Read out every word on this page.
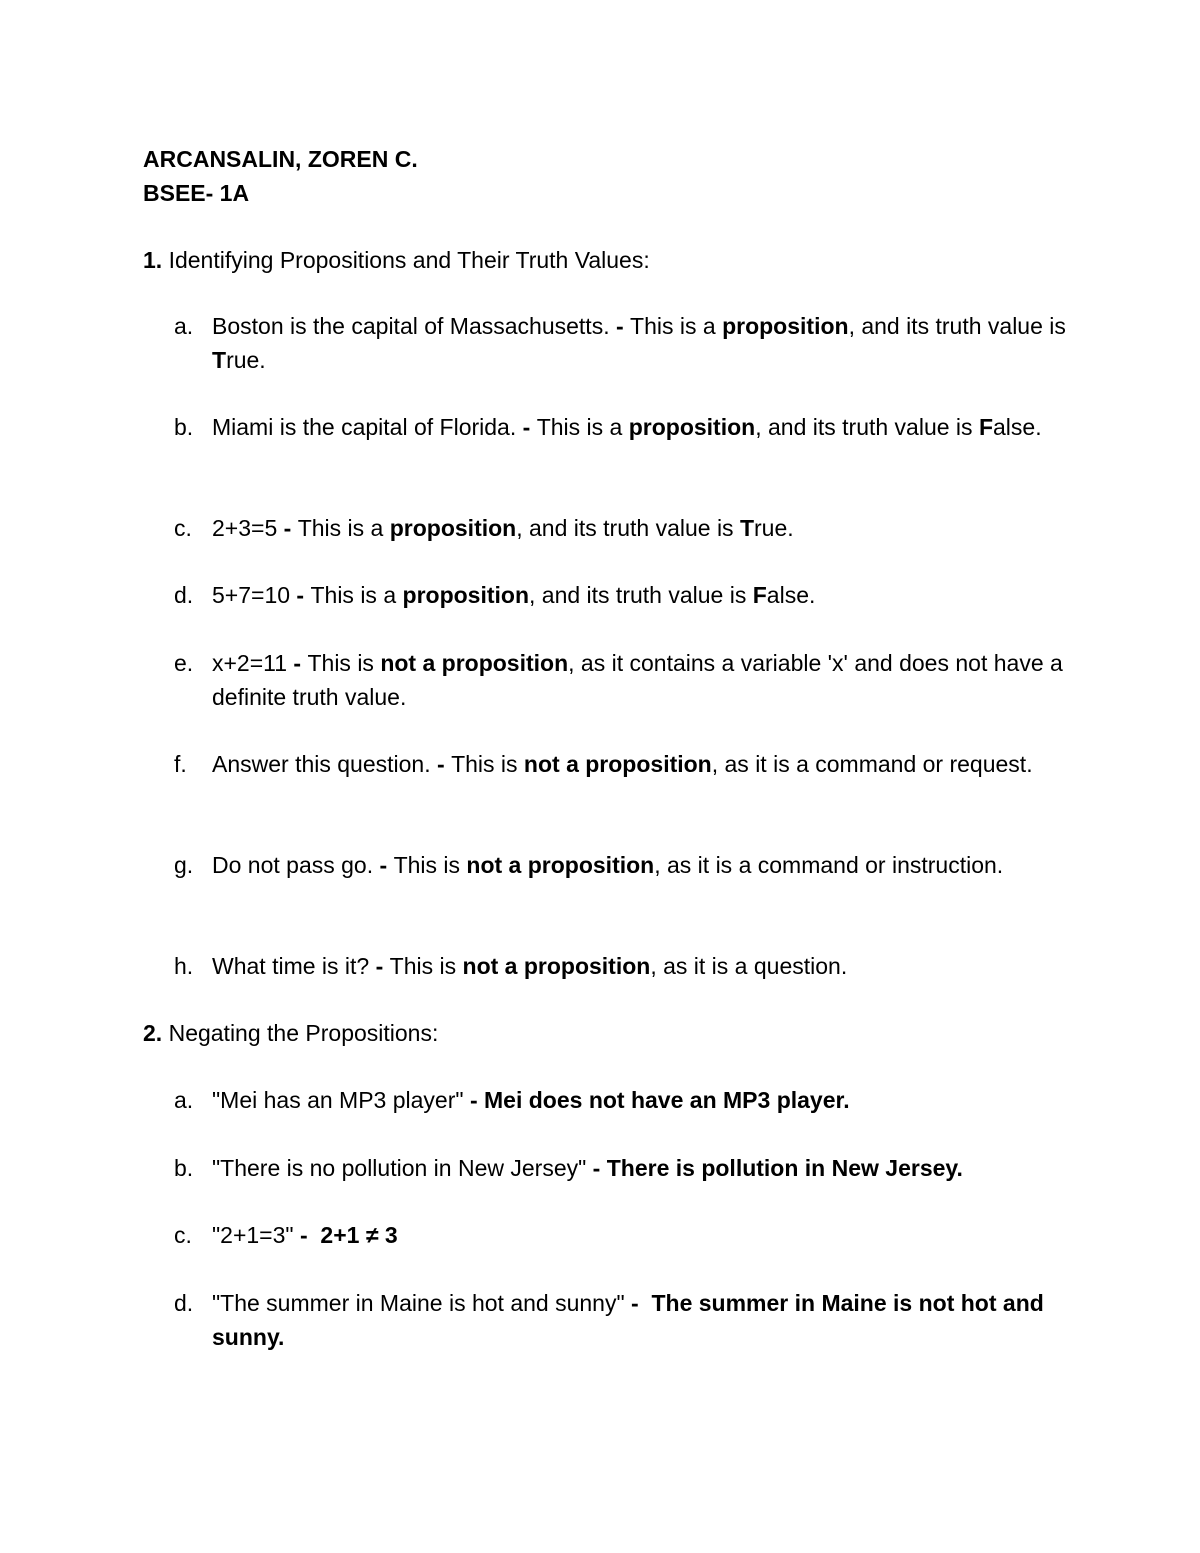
ARCANSALIN, ZOREN C.
BSEE- 1A
1. Identifying Propositions and Their Truth Values:
a. Boston is the capital of Massachusetts. - This is a proposition, and its truth value is True.
b. Miami is the capital of Florida. - This is a proposition, and its truth value is False.
c. 2+3=5 - This is a proposition, and its truth value is True.
d. 5+7=10 - This is a proposition, and its truth value is False.
e. x+2=11 - This is not a proposition, as it contains a variable 'x' and does not have a definite truth value.
f.	Answer this question. - This is not a proposition, as it is a command or request.
g. Do not pass go. - This is not a proposition, as it is a command or instruction.
h. What time is it? - This is not a proposition, as it is a question.
2. Negating the Propositions:
a. "Mei has an MP3 player" - Mei does not have an MP3 player.
b. "There is no pollution in New Jersey" - There is pollution in New Jersey.
c. "2+1=3" -  2+1 ≠ 3
d. "The summer in Maine is hot and sunny" -  The summer in Maine is not hot and sunny.
